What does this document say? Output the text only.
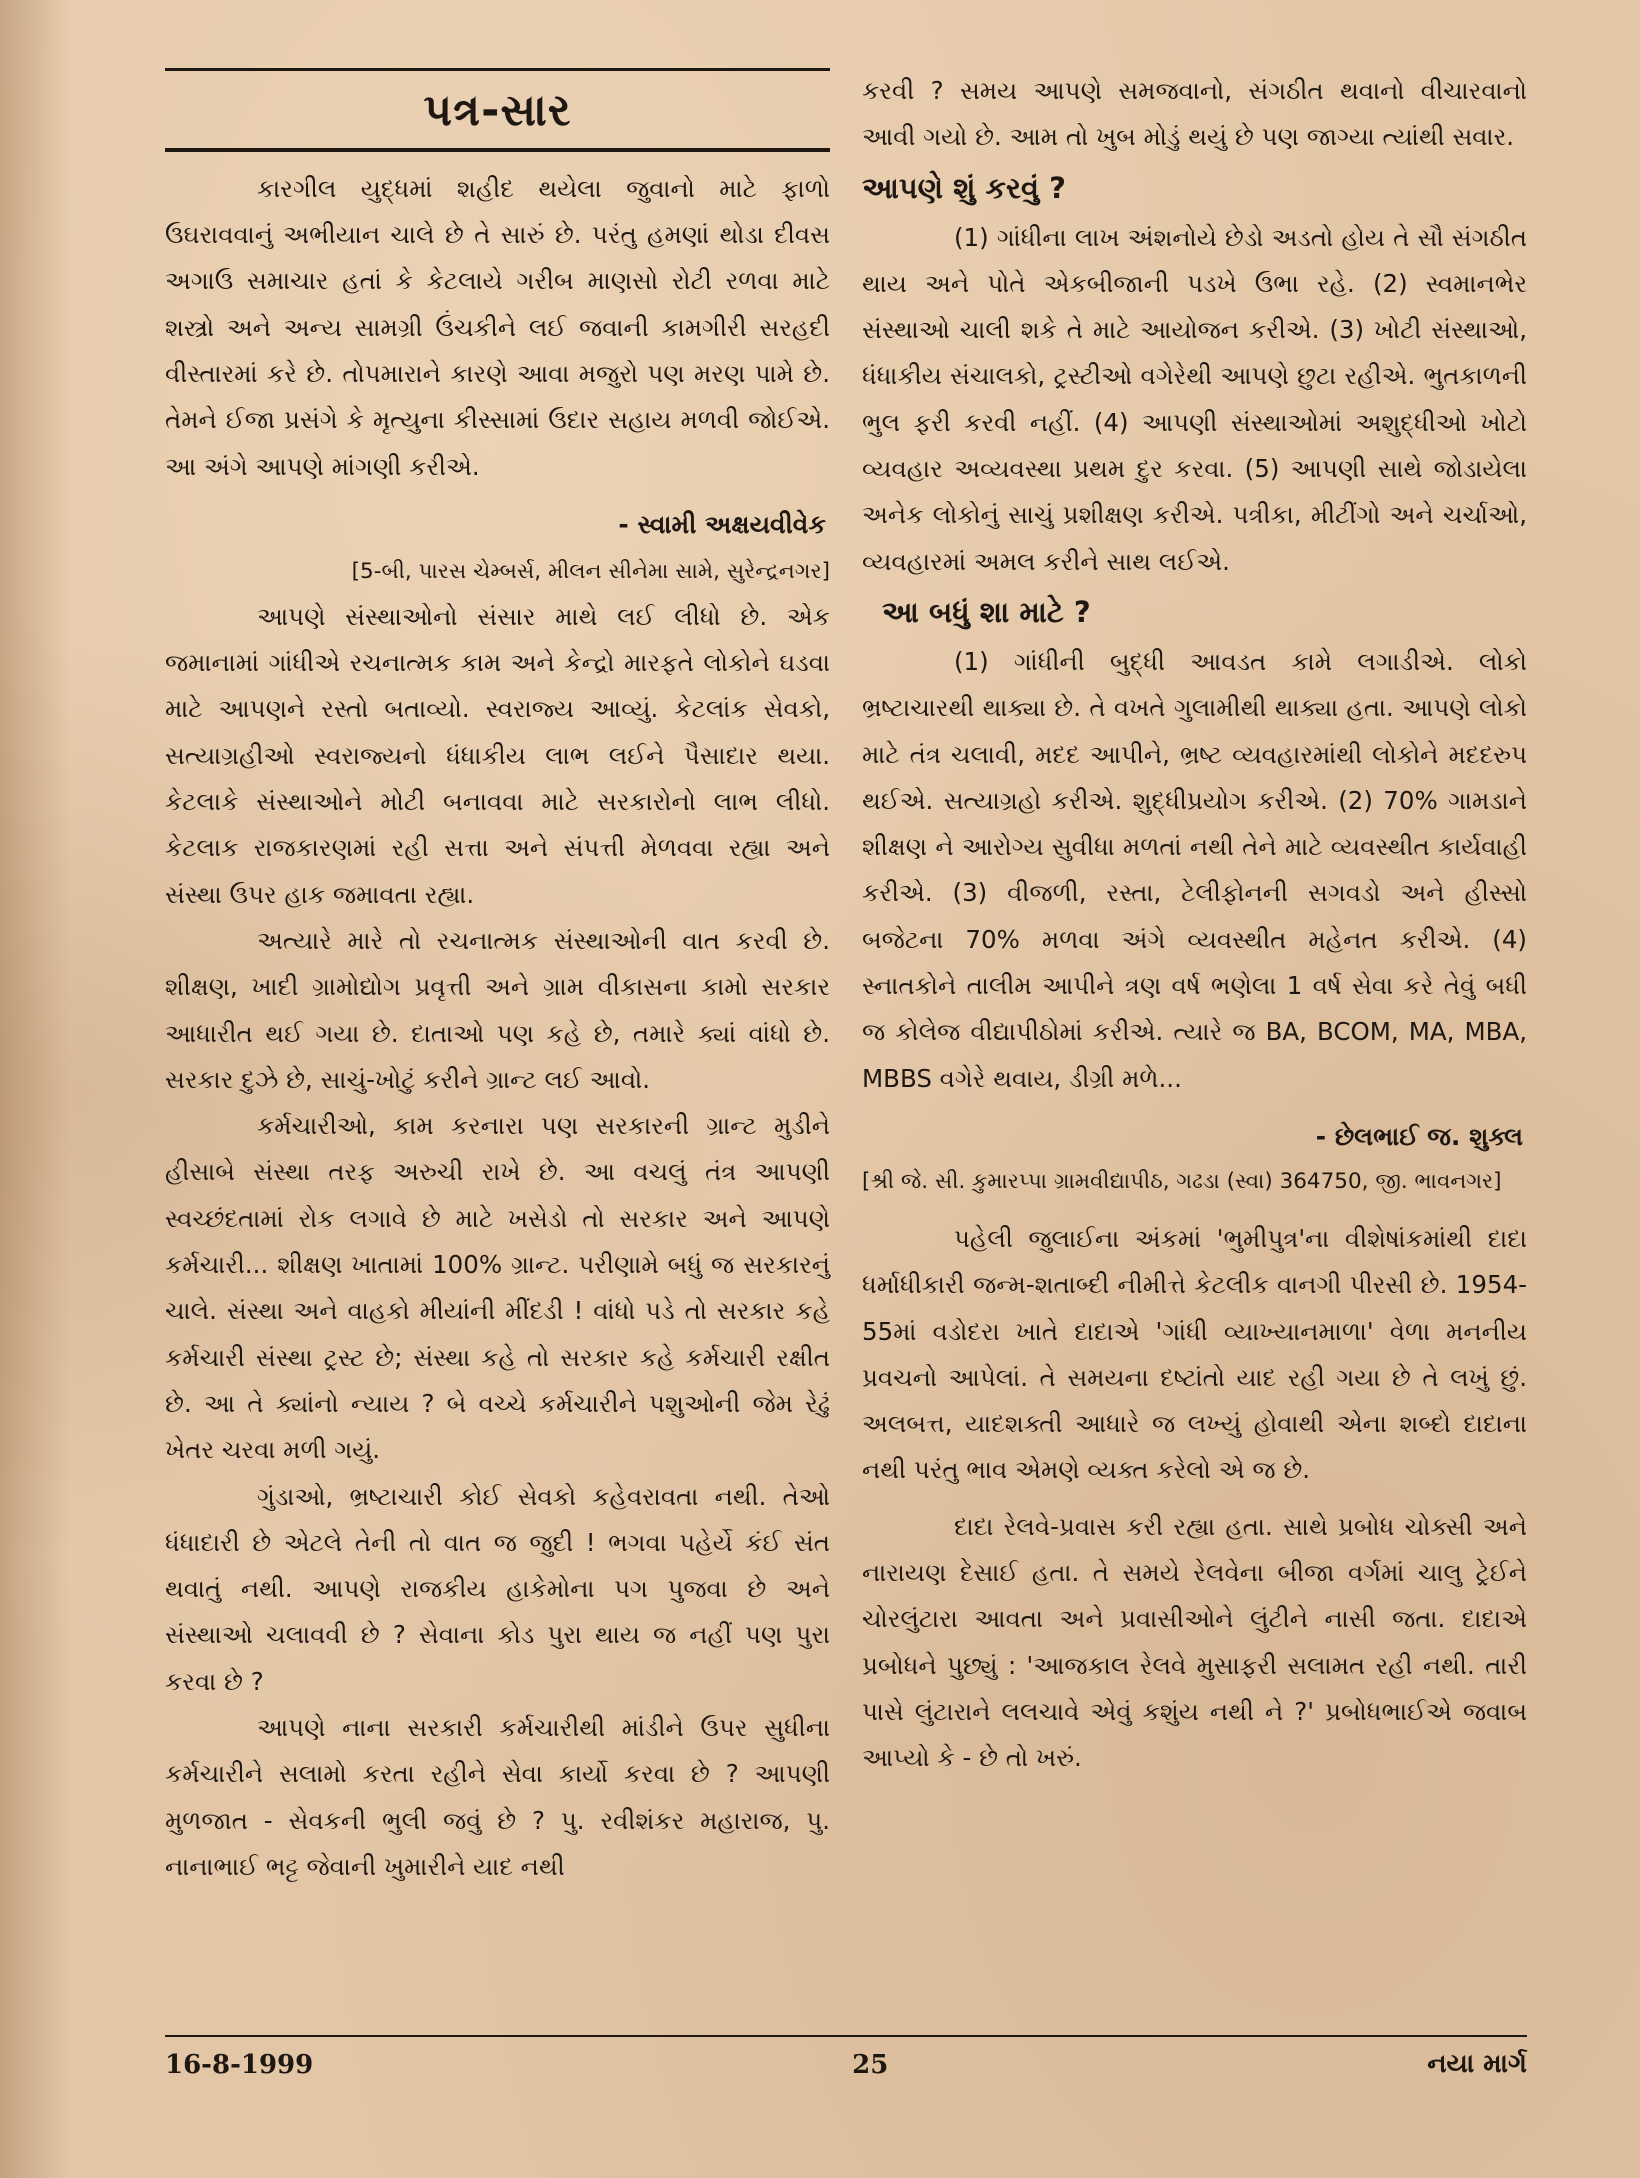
પત્ર-સાર

કારગીલ યુદ્ધમાં શહીદ થયેલા જુવાનો માટે ફાળો ઉઘરાવવાનું અભીયાન ચાલે છે તે સારું છે. પરંતુ હમણાં થોડા દીવસ અગાઉ સમાચાર હતાં કે કેટલાયે ગરીબ માણસો રોટી રળવા માટે શસ્ત્રો અને અન્ય સામગ્રી ઉંચકીને લઈ જવાની કામગીરી સરહદી વીસ્તારમાં કરે છે. તોપમારાને કારણે આવા મજુરો પણ મરણ પામે છે. તેમને ઈજા પ્રસંગે કે મૃત્યુના કીસ્સામાં ઉદાર સહાય મળવી જોઈએ. આ અંગે આપણે માંગણી કરીએ.

- સ્વામી અક્ષયવીવેક
[5-બી, પારસ ચેમ્બર્સ, મીલન સીનેમા સામે, સુરેન્દ્રનગર]

આપણે સંસ્થાઓનો સંસાર માથે લઈ લીધો છે. એક જમાનામાં ગાંધીએ રચનાત્મક કામ અને કેન્દ્રો મારફતે લોકોને ઘડવા માટે આપણને રસ્તો બતાવ્યો. સ્વરાજ્ય આવ્યું. કેટલાંક સેવકો, સત્યાગ્રહીઓ સ્વરાજ્યનો ધંધાકીય લાભ લઈને પૈસાદાર થયા. કેટલાકે સંસ્થાઓને મોટી બનાવવા માટે સરકારોનો લાભ લીધો. કેટલાક રાજકારણમાં રહી સત્તા અને સંપત્તી મેળવવા રહ્યા અને સંસ્થા ઉપર હાક જમાવતા રહ્યા.

અત્યારે મારે તો રચનાત્મક સંસ્થાઓની વાત કરવી છે. શીક્ષણ, ખાદી ગ્રામોદ્યોગ પ્રવૃત્તી અને ગ્રામ વીકાસના કામો સરકાર આધારીત થઈ ગયા છે. દાતાઓ પણ કહે છે, તમારે ક્યાં વાંધો છે. સરકાર દુઝે છે, સાચું-ખોટું કરીને ગ્રાન્ટ લઈ આવો.

કર્મચારીઓ, કામ કરનારા પણ સરકારની ગ્રાન્ટ મુડીને હીસાબે સંસ્થા તરફ અરુચી રાખે છે. આ વચલું તંત્ર આપણી સ્વચ્છંદતામાં રોક લગાવે છે માટે ખસેડો તો સરકાર અને આપણે કર્મચારી... શીક્ષણ ખાતામાં 100% ગ્રાન્ટ. પરીણામે બધું જ સરકારનું ચાલે. સંસ્થા અને વાહકો મીયાંની મીંદડી ! વાંધો પડે તો સરકાર કહે કર્મચારી સંસ્થા ટ્રસ્ટ છે; સંસ્થા કહે તો સરકાર કહે કર્મચારી રક્ષીત છે. આ તે ક્યાંનો ન્યાય ? બે વચ્ચે કર્મચારીને પશુઓની જેમ રેઢું ખેતર ચરવા મળી ગયું.

ગુંડાઓ, ભ્રષ્ટાચારી કોઈ સેવકો કહેવરાવતા નથી. તેઓ ધંધાદારી છે એટલે તેની તો વાત જ જુદી ! ભગવા પહેર્યે કંઈ સંત થવાતું નથી. આપણે રાજકીય હાકેમોના પગ પુજવા છે અને સંસ્થાઓ ચલાવવી છે ? સેવાના કોડ પુરા થાય જ નહીં પણ પુરા કરવા છે ?

આપણે નાના સરકારી કર્મચારીથી માંડીને ઉપર સુધીના કર્મચારીને સલામો કરતા રહીને સેવા કાર્યો કરવા છે ? આપણી મુળજાત - સેવકની ભુલી જવું છે ? પુ. રવીશંકર મહારાજ, પુ. નાનાભાઈ ભટ્ટ જેવાની ખુમારીને યાદ નથી

કરવી ? સમય આપણે સમજવાનો, સંગઠીત થવાનો વીચારવાનો આવી ગયો છે. આમ તો ખુબ મોડું થયું છે પણ જાગ્યા ત્યાંથી સવાર.

આપણે શું કરવું ?

(1) ગાંધીના લાખ અંશનોયે છેડો અડતો હોય તે સૌ સંગઠીત થાય અને પોતે એકબીજાની પડખે ઉભા રહે. (2) સ્વમાનભેર સંસ્થાઓ ચાલી શકે તે માટે આયોજન કરીએ. (3) ખોટી સંસ્થાઓ, ધંધાકીય સંચાલકો, ટ્રસ્ટીઓ વગેરેથી આપણે છુટા રહીએ. ભુતકાળની ભુલ ફરી કરવી નહીં. (4) આપણી સંસ્થાઓમાં અશુદ્ધીઓ ખોટો વ્યવહાર અવ્યવસ્થા પ્રથમ દુર કરવા. (5) આપણી સાથે જોડાયેલા અનેક લોકોનું સાચું પ્રશીક્ષણ કરીએ. પત્રીકા, મીટીંગો અને ચર્ચાઓ, વ્યવહારમાં અમલ કરીને સાથ લઈએ.

આ બધું શા માટે ?

(1) ગાંધીની બુદ્ધી આવડત કામે લગાડીએ. લોકો ભ્રષ્ટાચારથી થાક્યા છે. તે વખતે ગુલામીથી થાક્યા હતા. આપણે લોકો માટે તંત્ર ચલાવી, મદદ આપીને, ભ્રષ્ટ વ્યવહારમાંથી લોકોને મદદરુપ થઈએ. સત્યાગ્રહો કરીએ. શુદ્ધીપ્રયોગ કરીએ. (2) 70% ગામડાને શીક્ષણ ને આરોગ્ય સુવીધા મળતાં નથી તેને માટે વ્યવસ્થીત કાર્યવાહી કરીએ. (3) વીજળી, રસ્તા, ટેલીફોનની સગવડો અને હીસ્સો બજેટના 70% મળવા અંગે વ્યવસ્થીત મહેનત કરીએ. (4) સ્નાતકોને તાલીમ આપીને ત્રણ વર્ષ ભણેલા 1 વર્ષ સેવા કરે તેવું બધી જ કોલેજ વીદ્યાપીઠોમાં કરીએ. ત્યારે જ BA, BCOM, MA, MBA, MBBS વગેરે થવાય, ડીગ્રી મળે...

- છેલભાઈ જ. શુક્લ
[શ્રી જે. સી. કુમારપ્પા ગ્રામવીદ્યાપીઠ, ગઢડા (સ્વા) 364750, જી. ભાવનગર]

પહેલી જુલાઈના અંકમાં 'ભુમીપુત્ર'ના વીશેષાંકમાંથી દાદા ધર્માધીકારી જન્મ-શતાબ્દી નીમીત્તે કેટલીક વાનગી પીરસી છે. 1954-55માં વડોદરા ખાતે દાદાએ 'ગાંધી વ્યાખ્યાનમાળા' વેળા મનનીય પ્રવચનો આપેલાં. તે સમયના દષ્ટાંતો યાદ રહી ગયા છે તે લખું છું. અલબત્ત, યાદશક્તી આધારે જ લખ્યું હોવાથી એના શબ્દો દાદાના નથી પરંતુ ભાવ એમણે વ્યક્ત કરેલો એ જ છે.

દાદા રેલવે-પ્રવાસ કરી રહ્યા હતા. સાથે પ્રબોધ ચોક્સી અને નારાયણ દેસાઈ હતા. તે સમયે રેલવેના બીજા વર્ગમાં ચાલુ ટ્રેઈને ચોરલુંટારા આવતા અને પ્રવાસીઓને લુંટીને નાસી જતા. દાદાએ પ્રબોધને પુછ્યું : 'આજકાલ રેલવે મુસાફરી સલામત રહી નથી. તારી પાસે લુંટારાને લલચાવે એવું કશુંય નથી ને ?' પ્રબોધભાઈએ જવાબ આપ્યો કે - છે તો ખરું.

16-8-1999	25	નયા માર્ગ
